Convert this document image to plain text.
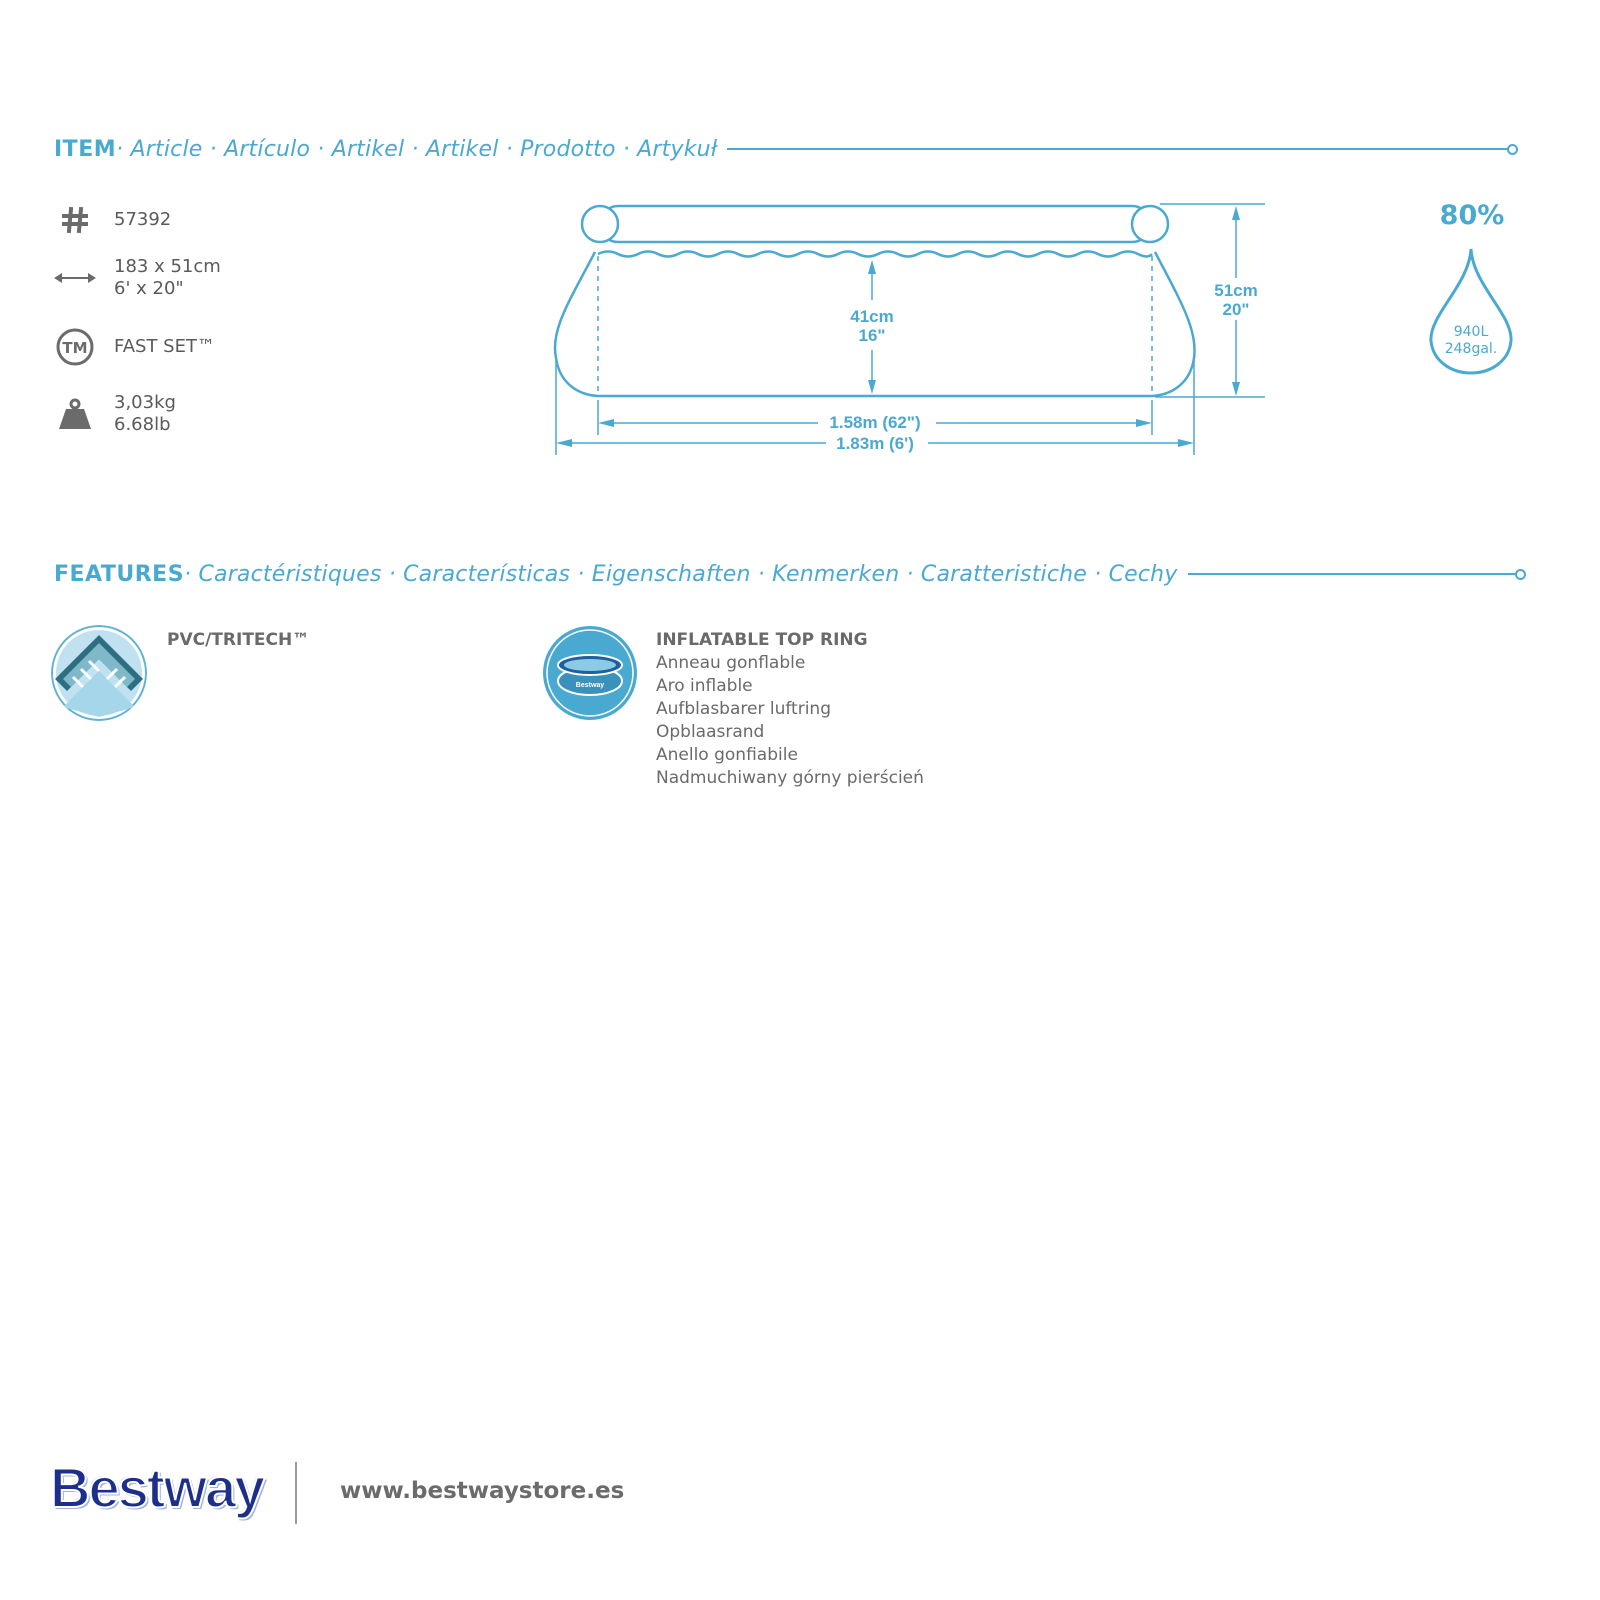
ITEM · Article · Artículo · Artikel · Artikel · Prodotto · Artykuł
57392
183 x 51cm
6' x 20"
TM FAST SET™
3,03kg
6.68lb
41cm
16"
51cm
20"
1.58m (62")
1.83m (6')
80%
940L
248gal.
FEATURES · Caractéristiques · Características · Eigenschaften · Kenmerken · Caratteristiche · Cechy
PVC/TRITECH™
Bestway
INFLATABLE TOP RING
Anneau gonflable
Aro inflable
Aufblasbarer luftring
Opblaasrand
Anello gonfiabile
Nadmuchiwany górny pierścień
Bestway	www.bestwaystore.es
